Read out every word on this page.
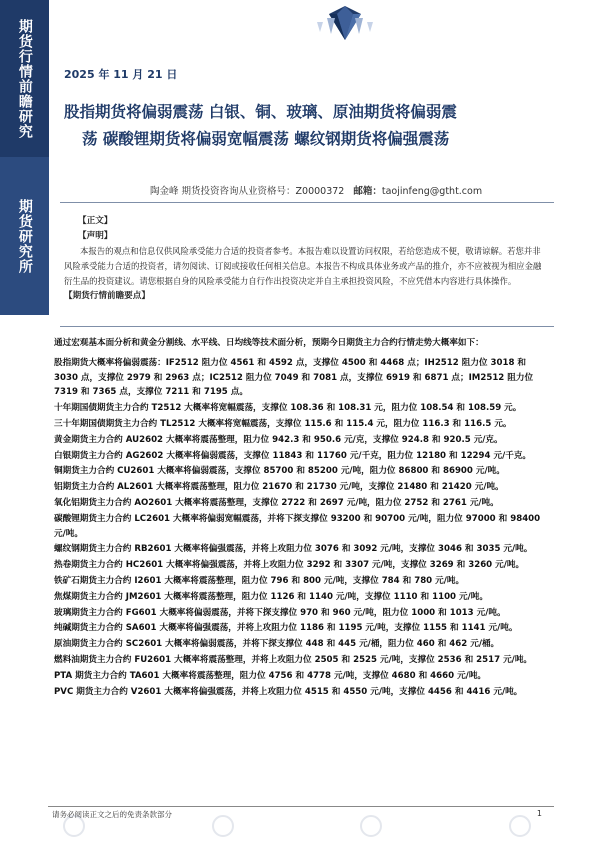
期货行情前瞻研究
期货研究所
2025 年 11 月 21 日
股指期货将偏弱震荡 白银、铜、玻璃、原油期货将偏弱震
荡 碳酸锂期货将偏弱宽幅震荡 螺纹钢期货将偏强震荡
陶金峰 期货投资咨询从业资格号：Z0000372 邮箱：taojinfeng@gtht.com
【正文】
【声明】
本报告的观点和信息仅供风险承受能力合适的投资者参考。本报告难以设置访问权限，若给您造成不便，敬请谅解。若您并非风险承受能力合适的投资者，请勿阅读、订阅或接收任何相关信息。本报告不构成具体业务或产品的推介，亦不应被视为相应金融衍生品的投资建议。请您根据自身的风险承受能力自行作出投资决定并自主承担投资风险，不应凭借本内容进行具体操作。
【期货行情前瞻要点】

通过宏观基本面分析和黄金分割线、水平线、日均线等技术面分析，预期今日期货主力合约行情走势大概率如下：

股指期货大概率将偏弱震荡：IF2512 阻力位 4561 和 4592 点，支撑位 4500 和 4468 点；IH2512 阻力位 3018 和 3030 点，支撑位 2979 和 2963 点；IC2512 阻力位 7049 和 7081 点，支撑位 6919 和 6871 点；IM2512 阻力位 7319 和 7365 点，支撑位 7211 和 7195 点。

十年期国债期货主力合约 T2512 大概率将宽幅震荡，支撑位 108.36 和 108.31 元，阻力位 108.54 和 108.59 元。

三十年期国债期货主力合约 TL2512 大概率将宽幅震荡，支撑位 115.6 和 115.4 元，阻力位 116.3 和 116.5 元。

黄金期货主力合约 AU2602 大概率将震荡整理，阻力位 942.3 和 950.6 元/克，支撑位 924.8 和 920.5 元/克。

白银期货主力合约 AG2602 大概率将偏弱震荡，支撑位 11843 和 11760 元/千克，阻力位 12180 和 12294 元/千克。

铜期货主力合约 CU2601 大概率将偏弱震荡，支撑位 85700 和 85200 元/吨，阻力位 86800 和 86900 元/吨。

铝期货主力合约 AL2601 大概率将震荡整理，阻力位 21670 和 21730 元/吨，支撑位 21480 和 21420 元/吨。

氧化铝期货主力合约 AO2601 大概率将震荡整理，支撑位 2722 和 2697 元/吨，阻力位 2752 和 2761 元/吨。

碳酸锂期货主力合约 LC2601 大概率将偏弱宽幅震荡，并将下探支撑位 93200 和 90700 元/吨，阻力位 97000 和 98400 元/吨。

螺纹钢期货主力合约 RB2601 大概率将偏强震荡，并将上攻阻力位 3076 和 3092 元/吨，支撑位 3046 和 3035 元/吨。

热卷期货主力合约 HC2601 大概率将偏强震荡，并将上攻阻力位 3292 和 3307 元/吨，支撑位 3269 和 3260 元/吨。

铁矿石期货主力合约 I2601 大概率将震荡整理，阻力位 796 和 800 元/吨，支撑位 784 和 780 元/吨。

焦煤期货主力合约 JM2601 大概率将震荡整理，阻力位 1126 和 1140 元/吨，支撑位 1110 和 1100 元/吨。

玻璃期货主力合约 FG601 大概率将偏弱震荡，并将下探支撑位 970 和 960 元/吨，阻力位 1000 和 1013 元/吨。

纯碱期货主力合约 SA601 大概率将偏强震荡，并将上攻阻力位 1186 和 1195 元/吨，支撑位 1155 和 1141 元/吨。

原油期货主力合约 SC2601 大概率将偏弱震荡，并将下探支撑位 448 和 445 元/桶，阻力位 460 和 462 元/桶。

燃料油期货主力合约 FU2601 大概率将震荡整理，并将上攻阻力位 2505 和 2525 元/吨，支撑位 2536 和 2517 元/吨。

PTA 期货主力合约 TA601 大概率将震荡整理，阻力位 4756 和 4778 元/吨，支撑位 4680 和 4660 元/吨。

PVC 期货主力合约 V2601 大概率将偏强震荡，并将上攻阻力位 4515 和 4550 元/吨，支撑位 4456 和 4416 元/吨。

请务必阅读正文之后的免责条款部分	1
